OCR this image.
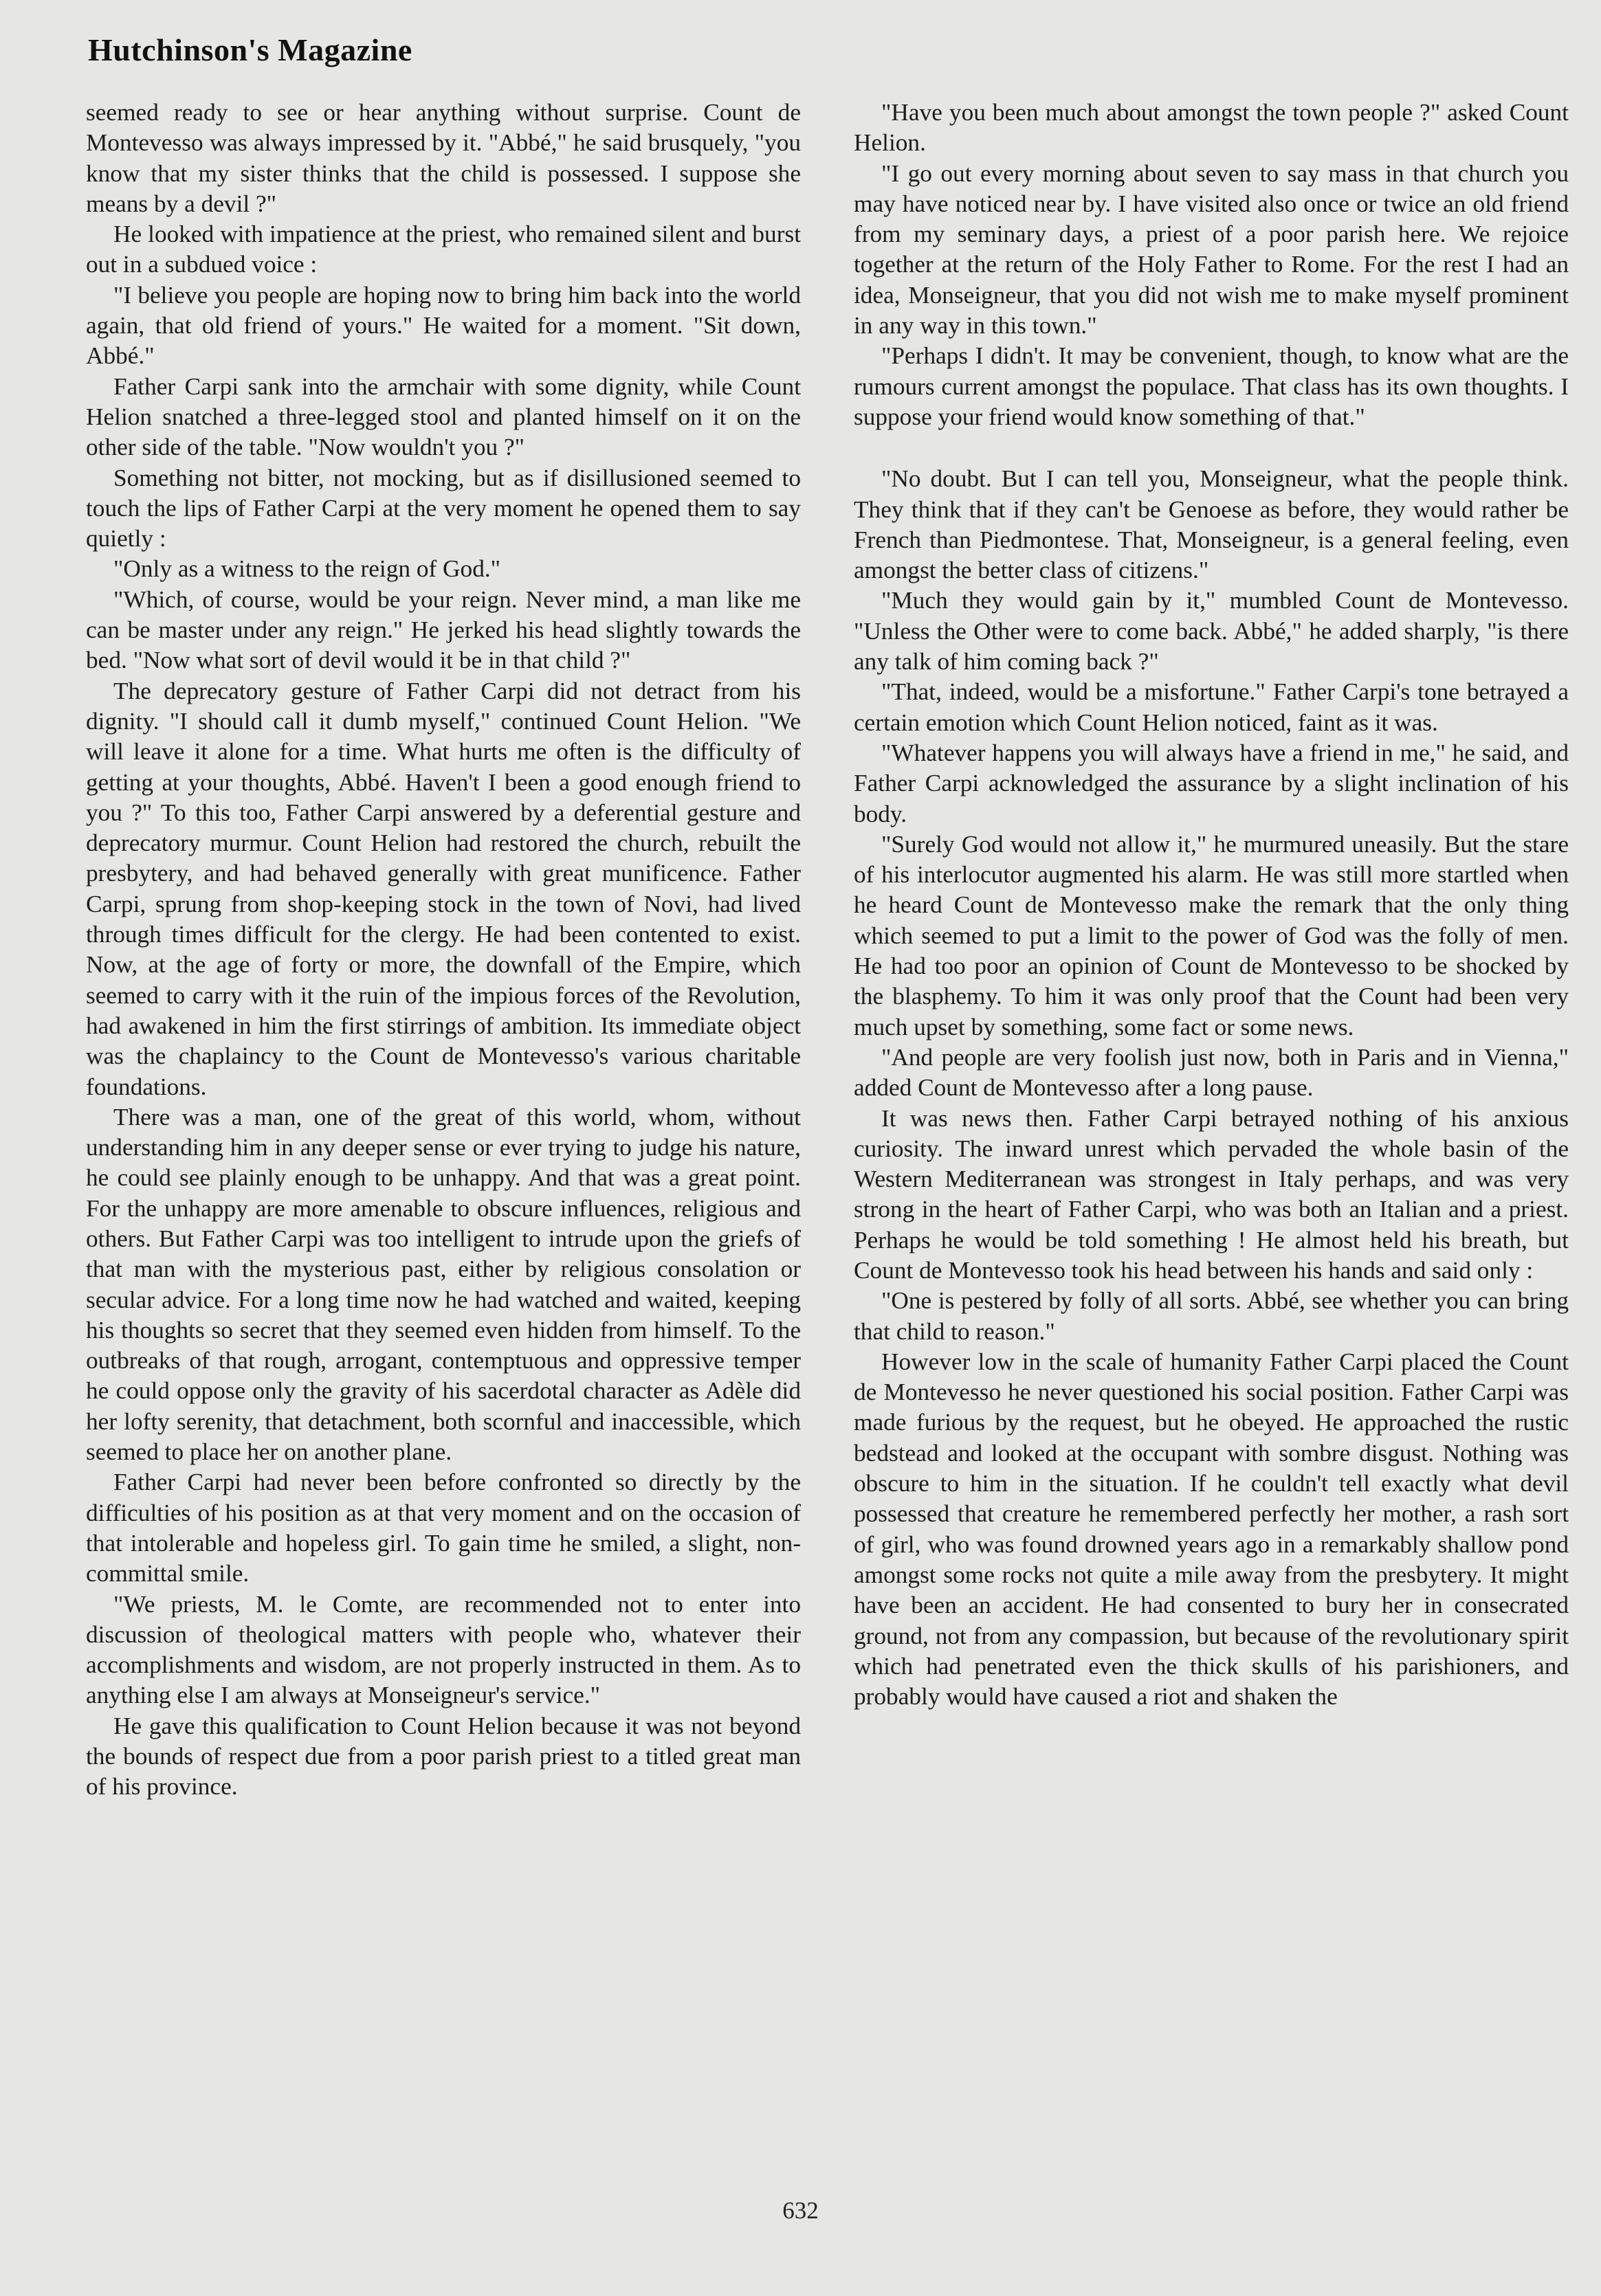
Hutchinson's Magazine

seemed ready to see or hear anything without surprise. Count de Montevesso was always impressed by it. "Abbé," he said brusquely, "you know that my sister thinks that the child is possessed. I suppose she means by a devil ?"

He looked with impatience at the priest, who remained silent and burst out in a subdued voice :

"I believe you people are hoping now to bring him back into the world again, that old friend of yours." He waited for a moment. "Sit down, Abbé."

Father Carpi sank into the armchair with some dignity, while Count Helion snatched a three-legged stool and planted himself on it on the other side of the table. "Now wouldn't you ?"

Something not bitter, not mocking, but as if disillusioned seemed to touch the lips of Father Carpi at the very moment he opened them to say quietly :

"Only as a witness to the reign of God."

"Which, of course, would be your reign. Never mind, a man like me can be master under any reign." He jerked his head slightly towards the bed. "Now what sort of devil would it be in that child ?"

The deprecatory gesture of Father Carpi did not detract from his dignity. "I should call it dumb myself," continued Count Helion. "We will leave it alone for a time. What hurts me often is the difficulty of getting at your thoughts, Abbé. Haven't I been a good enough friend to you ?" To this too, Father Carpi answered by a deferential gesture and deprecatory murmur. Count Helion had restored the church, rebuilt the presbytery, and had behaved generally with great munificence. Father Carpi, sprung from shop-keeping stock in the town of Novi, had lived through times difficult for the clergy. He had been contented to exist. Now, at the age of forty or more, the downfall of the Empire, which seemed to carry with it the ruin of the impious forces of the Revolution, had awakened in him the first stirrings of ambition. Its immediate object was the chaplaincy to the Count de Montevesso's various charitable foundations.

There was a man, one of the great of this world, whom, without understanding him in any deeper sense or ever trying to judge his nature, he could see plainly enough to be unhappy. And that was a great point. For the unhappy are more amenable to obscure influences, religious and others. But Father Carpi was too intelligent to intrude upon the griefs of that man with the mysterious past, either by religious consolation or secular advice. For a long time now he had watched and waited, keeping his thoughts so secret that they seemed even hidden from himself. To the outbreaks of that rough, arrogant, contemptuous and oppressive temper he could oppose only the gravity of his sacerdotal character as Adèle did her lofty serenity, that detachment, both scornful and inaccessible, which seemed to place her on another plane.

Father Carpi had never been before confronted so directly by the difficulties of his position as at that very moment and on the occasion of that intolerable and hopeless girl. To gain time he smiled, a slight, non-committal smile.

"We priests, M. le Comte, are recommended not to enter into discussion of theological matters with people who, whatever their accomplishments and wisdom, are not properly instructed in them. As to anything else I am always at Monseigneur's service."

He gave this qualification to Count Helion because it was not beyond the bounds of respect due from a poor parish priest to a titled great man of his province.

"Have you been much about amongst the town people ?" asked Count Helion.

"I go out every morning about seven to say mass in that church you may have noticed near by. I have visited also once or twice an old friend from my seminary days, a priest of a poor parish here. We rejoice together at the return of the Holy Father to Rome. For the rest I had an idea, Monseigneur, that you did not wish me to make myself prominent in any way in this town."

"Perhaps I didn't. It may be convenient, though, to know what are the rumours current amongst the populace. That class has its own thoughts. I suppose your friend would know something of that."

"No doubt. But I can tell you, Monseigneur, what the people think. They think that if they can't be Genoese as before, they would rather be French than Piedmontese. That, Monseigneur, is a general feeling, even amongst the better class of citizens."

"Much they would gain by it," mumbled Count de Montevesso. "Unless the Other were to come back. Abbé," he added sharply, "is there any talk of him coming back ?"

"That, indeed, would be a misfortune." Father Carpi's tone betrayed a certain emotion which Count Helion noticed, faint as it was.

"Whatever happens you will always have a friend in me," he said, and Father Carpi acknowledged the assurance by a slight inclination of his body.

"Surely God would not allow it," he murmured uneasily. But the stare of his interlocutor augmented his alarm. He was still more startled when he heard Count de Montevesso make the remark that the only thing which seemed to put a limit to the power of God was the folly of men. He had too poor an opinion of Count de Montevesso to be shocked by the blasphemy. To him it was only proof that the Count had been very much upset by something, some fact or some news.

"And people are very foolish just now, both in Paris and in Vienna," added Count de Montevesso after a long pause.

It was news then. Father Carpi betrayed nothing of his anxious curiosity. The inward unrest which pervaded the whole basin of the Western Mediterranean was strongest in Italy perhaps, and was very strong in the heart of Father Carpi, who was both an Italian and a priest. Perhaps he would be told something ! He almost held his breath, but Count de Montevesso took his head between his hands and said only :

"One is pestered by folly of all sorts. Abbé, see whether you can bring that child to reason."

However low in the scale of humanity Father Carpi placed the Count de Montevesso he never questioned his social position. Father Carpi was made furious by the request, but he obeyed. He approached the rustic bedstead and looked at the occupant with sombre disgust. Nothing was obscure to him in the situation. If he couldn't tell exactly what devil possessed that creature he remembered perfectly her mother, a rash sort of girl, who was found drowned years ago in a remarkably shallow pond amongst some rocks not quite a mile away from the presbytery. It might have been an accident. He had consented to bury her in consecrated ground, not from any compassion, but because of the revolutionary spirit which had penetrated even the thick skulls of his parishioners, and probably would have caused a riot and shaken the

632
